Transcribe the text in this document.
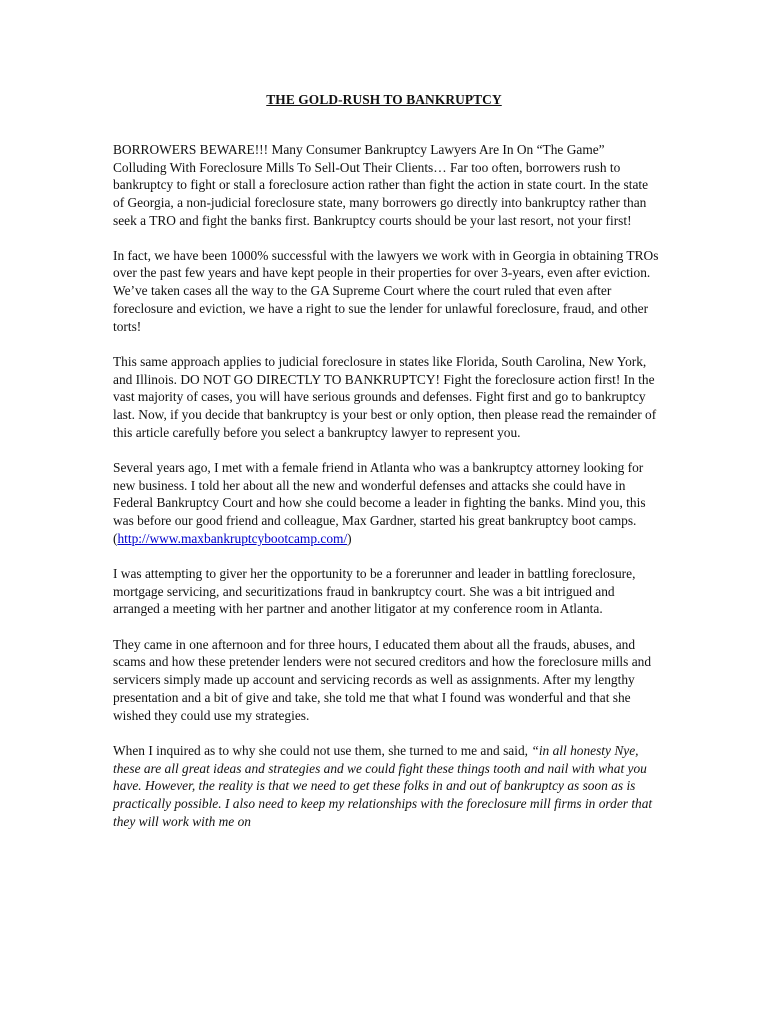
THE GOLD-RUSH TO BANKRUPTCY

BORROWERS BEWARE!!! Many Consumer Bankruptcy Lawyers Are In On “The Game” Colluding With Foreclosure Mills To Sell-Out Their Clients… Far too often, borrowers rush to bankruptcy to fight or stall a foreclosure action rather than fight the action in state court. In the state of Georgia, a non-judicial foreclosure state, many borrowers go directly into bankruptcy rather than seek a TRO and fight the banks first. Bankruptcy courts should be your last resort, not your first!

In fact, we have been 1000% successful with the lawyers we work with in Georgia in obtaining TROs over the past few years and have kept people in their properties for over 3-years, even after eviction. We’ve taken cases all the way to the GA Supreme Court where the court ruled that even after foreclosure and eviction, we have a right to sue the lender for unlawful foreclosure, fraud, and other torts!

This same approach applies to judicial foreclosure in states like Florida, South Carolina, New York, and Illinois. DO NOT GO DIRECTLY TO BANKRUPTCY! Fight the foreclosure action first! In the vast majority of cases, you will have serious grounds and defenses. Fight first and go to bankruptcy last. Now, if you decide that bankruptcy is your best or only option, then please read the remainder of this article carefully before you select a bankruptcy lawyer to represent you.

Several years ago, I met with a female friend in Atlanta who was a bankruptcy attorney looking for new business. I told her about all the new and wonderful defenses and attacks she could have in Federal Bankruptcy Court and how she could become a leader in fighting the banks. Mind you, this was before our good friend and colleague, Max Gardner, started his great bankruptcy boot camps.
(http://www.maxbankruptcybootcamp.com/)

I was attempting to giver her the opportunity to be a forerunner and leader in battling foreclosure, mortgage servicing, and securitizations fraud in bankruptcy court. She was a bit intrigued and arranged a meeting with her partner and another litigator at my conference room in Atlanta.

They came in one afternoon and for three hours, I educated them about all the frauds, abuses, and scams and how these pretender lenders were not secured creditors and how the foreclosure mills and servicers simply made up account and servicing records as well as assignments. After my lengthy presentation and a bit of give and take, she told me that what I found was wonderful and that she wished they could use my strategies.

When I inquired as to why she could not use them, she turned to me and said, “in all honesty Nye, these are all great ideas and strategies and we could fight these things tooth and nail with what you have. However, the reality is that we need to get these folks in and out of bankruptcy as soon as is practically possible. I also need to keep my relationships with the foreclosure mill firms in order that they will work with me on
